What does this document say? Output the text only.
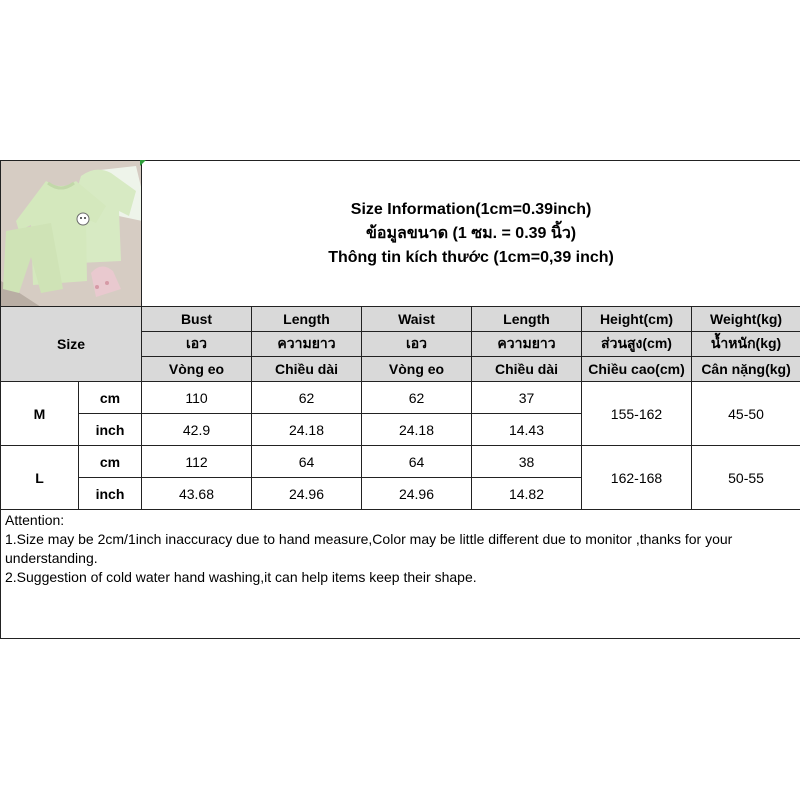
Size Information(1cm=0.39inch)
ข้อมูลขนาด (1 ซม. = 0.39 นิ้ว)
Thông tin kích thước (1cm=0,39 inch)					

Size		Bust	Length	Waist	Length	Height(cm)	Weight(kg)
		เอว	ความยาว	เอว	ความยาว	ส่วนสูง(cm)	น้ำหนัก(kg)
		Vòng eo	Chiều dài	Vòng eo	Chiều dài	Chiều cao(cm)	Cân nặng(kg)
M	cm	110	62	62	37	155-162	45-50
	inch	42.9	24.18	24.18	14.43		
L	cm	112	64	64	38	162-168	50-55
	inch	43.68	24.96	24.96	14.82		

Attention:

1.Size may be 2cm/1inch inaccuracy due to hand measure,Color may be little different due to monitor ,thanks for your understanding.

2.Suggestion of cold water hand washing,it can help items keep their shape.							
